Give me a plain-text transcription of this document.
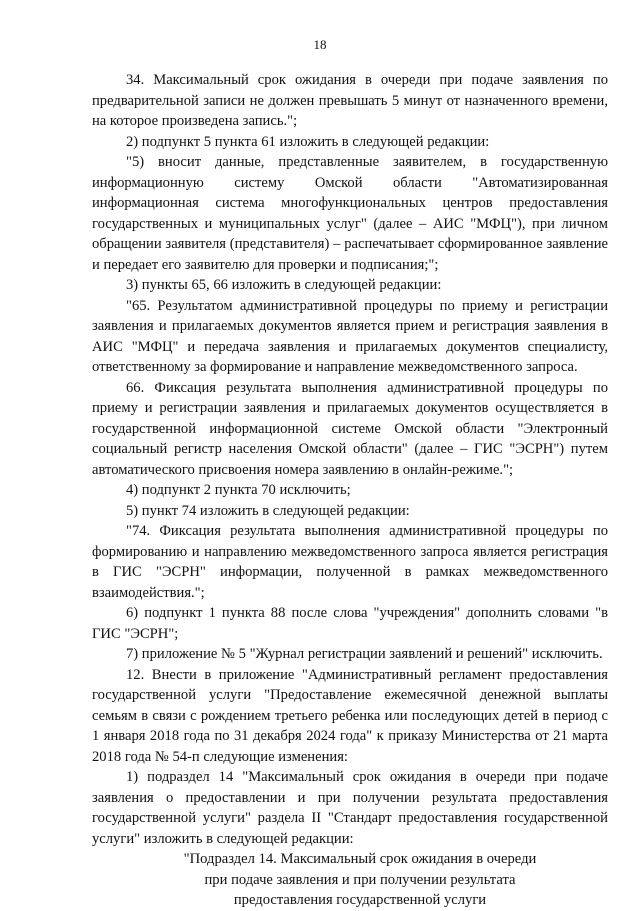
18

34. Максимальный срок ожидания в очереди при подаче заявления по предварительной записи не должен превышать 5 минут от назначенного времени, на которое произведена запись.";

2) подпункт 5 пункта 61 изложить в следующей редакции:

"5) вносит данные, представленные заявителем, в государственную информационную систему Омской области "Автоматизированная информационная система многофункциональных центров предоставления государственных и муниципальных услуг" (далее – АИС "МФЦ"), при личном обращении заявителя (представителя) – распечатывает сформированное заявление и передает его заявителю для проверки и подписания;";

3) пункты 65, 66 изложить в следующей редакции:

"65. Результатом административной процедуры по приему и регистрации заявления и прилагаемых документов является прием и регистрация заявления в АИС "МФЦ" и передача заявления и прилагаемых документов специалисту, ответственному за формирование и направление межведомственного запроса.

66. Фиксация результата выполнения административной процедуры по приему и регистрации заявления и прилагаемых документов осуществляется в государственной информационной системе Омской области "Электронный социальный регистр населения Омской области" (далее – ГИС "ЭСРН") путем автоматического присвоения номера заявлению в онлайн-режиме.";

4) подпункт 2 пункта 70 исключить;

5) пункт 74 изложить в следующей редакции:

"74. Фиксация результата выполнения административной процедуры по формированию и направлению межведомственного запроса является регистрация в ГИС "ЭСРН" информации, полученной в рамках межведомственного взаимодействия.";

6) подпункт 1 пункта 88 после слова "учреждения" дополнить словами "в ГИС "ЭСРН";

7) приложение № 5 "Журнал регистрации заявлений и решений" исключить.

12. Внести в приложение "Административный регламент предоставления государственной услуги "Предоставление ежемесячной денежной выплаты семьям в связи с рождением третьего ребенка или последующих детей в период с 1 января 2018 года по 31 декабря 2024 года" к приказу Министерства от 21 марта 2018 года № 54-п следующие изменения:

1) подраздел 14 "Максимальный срок ожидания в очереди при подаче заявления о предоставлении и при получении результата предоставления государственной услуги" раздела II "Стандарт предоставления государственной услуги" изложить в следующей редакции:

"Подраздел 14. Максимальный срок ожидания в очереди

при подаче заявления и при получении результата

предоставления государственной услуги
